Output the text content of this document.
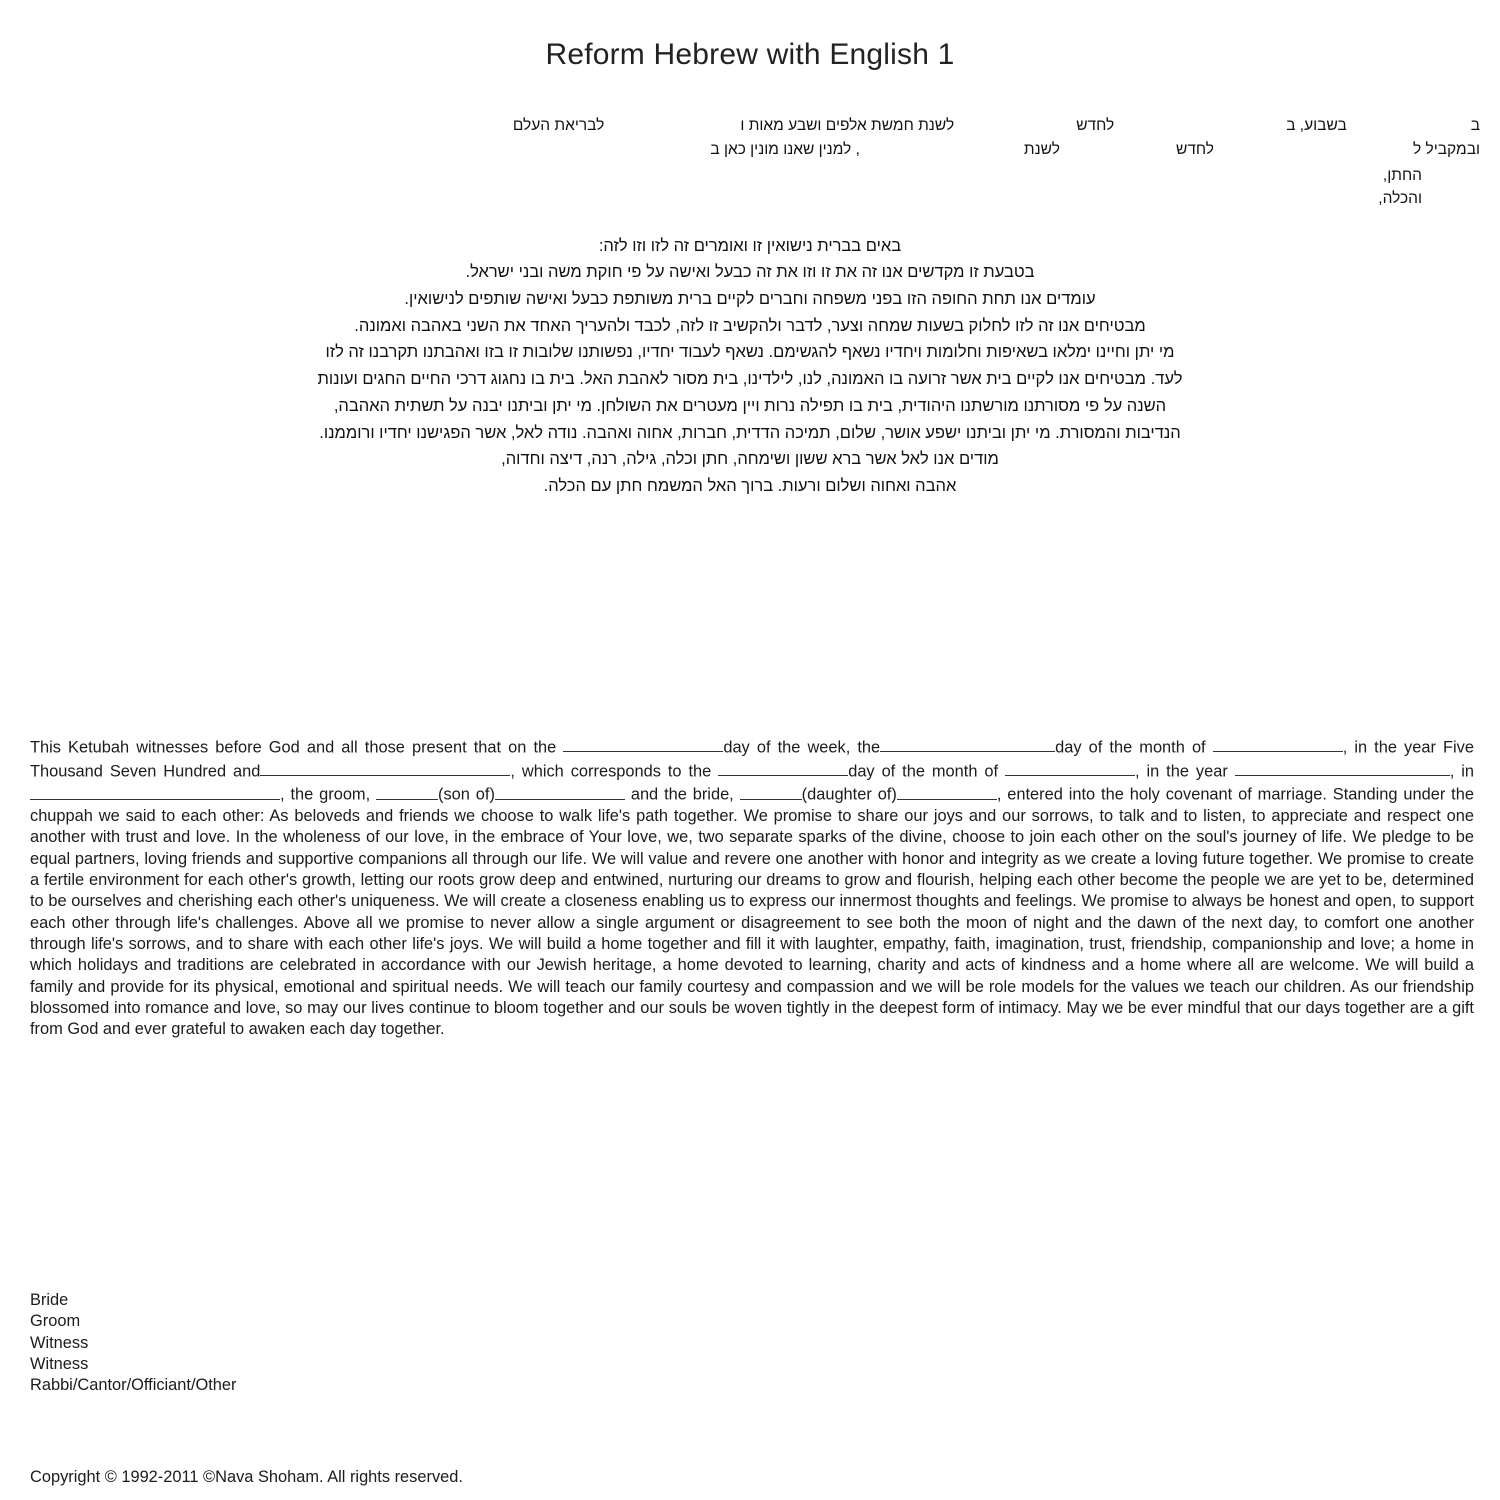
Reform Hebrew with English 1
ב
בשבוע, ב
לחדש
לשנת חמשת אלפים ושבע מאות ו
לבריאת העלם
ובמקביל ל
לחדש
לשנת
, למנין שאנו מונין כאן ב
החתן,
והכלה,

באים בברית נישואין זו ואומרים זה לזו וזו לזה:

בטבעת זו מקדשים אנו זה את זו וזו את זה כבעל ואישה על פי חוקת משה ובני ישראל.

עומדים אנו תחת החופה הזו בפני משפחה וחברים לקיים ברית משותפת כבעל ואישה שותפים לנישואין.

מבטיחים אנו זה לזו לחלוק בשעות שמחה וצער, לדבר ולהקשיב זו לזה, לכבד ולהעריך האחד את השני באהבה ואמונה.

מי יתן וחיינו ימלאו בשאיפות וחלומות ויחדיו נשאף להגשימם. נשאף לעבוד יחדיו, נפשותנו שלובות זו בזו ואהבתנו תקרבנו זה לזו

לעד. מבטיחים אנו לקיים בית אשר זרועה בו האמונה, לנו, לילדינו, בית מסור לאהבת האל. בית בו נחגוג דרכי החיים החגים ועונות

השנה על פי מסורתנו מורשתנו היהודית, בית בו תפילה נרות ויין מעטרים את השולחן. מי יתן וביתנו יבנה על תשתית האהבה,

הנדיבות והמסורת. מי יתן וביתנו ישפע אושר, שלום, תמיכה הדדית, חברות, אחוה ואהבה. נודה לאל, אשר הפגישנו יחדיו ורוממנו.

מודים אנו לאל אשר ברא ששון ושימחה, חתן וכלה, גילה, רנה, דיצה וחדוה,

אהבה ואחוה ושלום ורעות. ברוך האל המשמח חתן עם הכלה.

This Ketubah witnesses before God and all those present that on the	day of the week, the	day of the month of	, in the year Five Thousand Seven Hundred and	, which corresponds to the	day of the month of	, in the year	, in , the groom,	(son of)	and the bride,	(daughter of)	, entered into the holy covenant of marriage. Standing under the chuppah we said to each other: As beloveds and friends we choose to walk life's path together. We promise to share our joys and our sorrows, to talk and to listen, to appreciate and respect one another with trust and love. In the wholeness of our love, in the embrace of Your love, we, two separate sparks of the divine, choose to join each other on the soul's journey of life. We pledge to be equal partners, loving friends and supportive companions all through our life. We will value and revere one another with honor and integrity as we create a loving future together. We promise to create a fertile environment for each other's growth, letting our roots grow deep and entwined, nurturing our dreams to grow and flourish, helping each other become the people we are yet to be, determined to be ourselves and cherishing each other's uniqueness. We will create a closeness enabling us to express our innermost thoughts and feelings. We promise to always be honest and open, to support each other through life's challenges. Above all we promise to never allow a single argument or disagreement to see both the moon of night and the dawn of the next day, to comfort one another through life's sorrows, and to share with each other life's joys. We will build a home together and fill it with laughter, empathy, faith, imagination, trust, friendship, companionship and love; a home in which holidays and traditions are celebrated in accordance with our Jewish heritage, a home devoted to learning, charity and acts of kindness and a home where all are welcome. We will build a family and provide for its physical, emotional and spiritual needs. We will teach our family courtesy and compassion and we will be role models for the values we teach our children. As our friendship blossomed into romance and love, so may our lives continue to bloom together and our souls be woven tightly in the deepest form of intimacy. May we be ever mindful that our days together are a gift from God and ever grateful to awaken each day together.

Bride
Groom
Witness
Witness
Rabbi/Cantor/Officiant/Other
Copyright © 1992-2011 ©Nava Shoham. All rights reserved.
